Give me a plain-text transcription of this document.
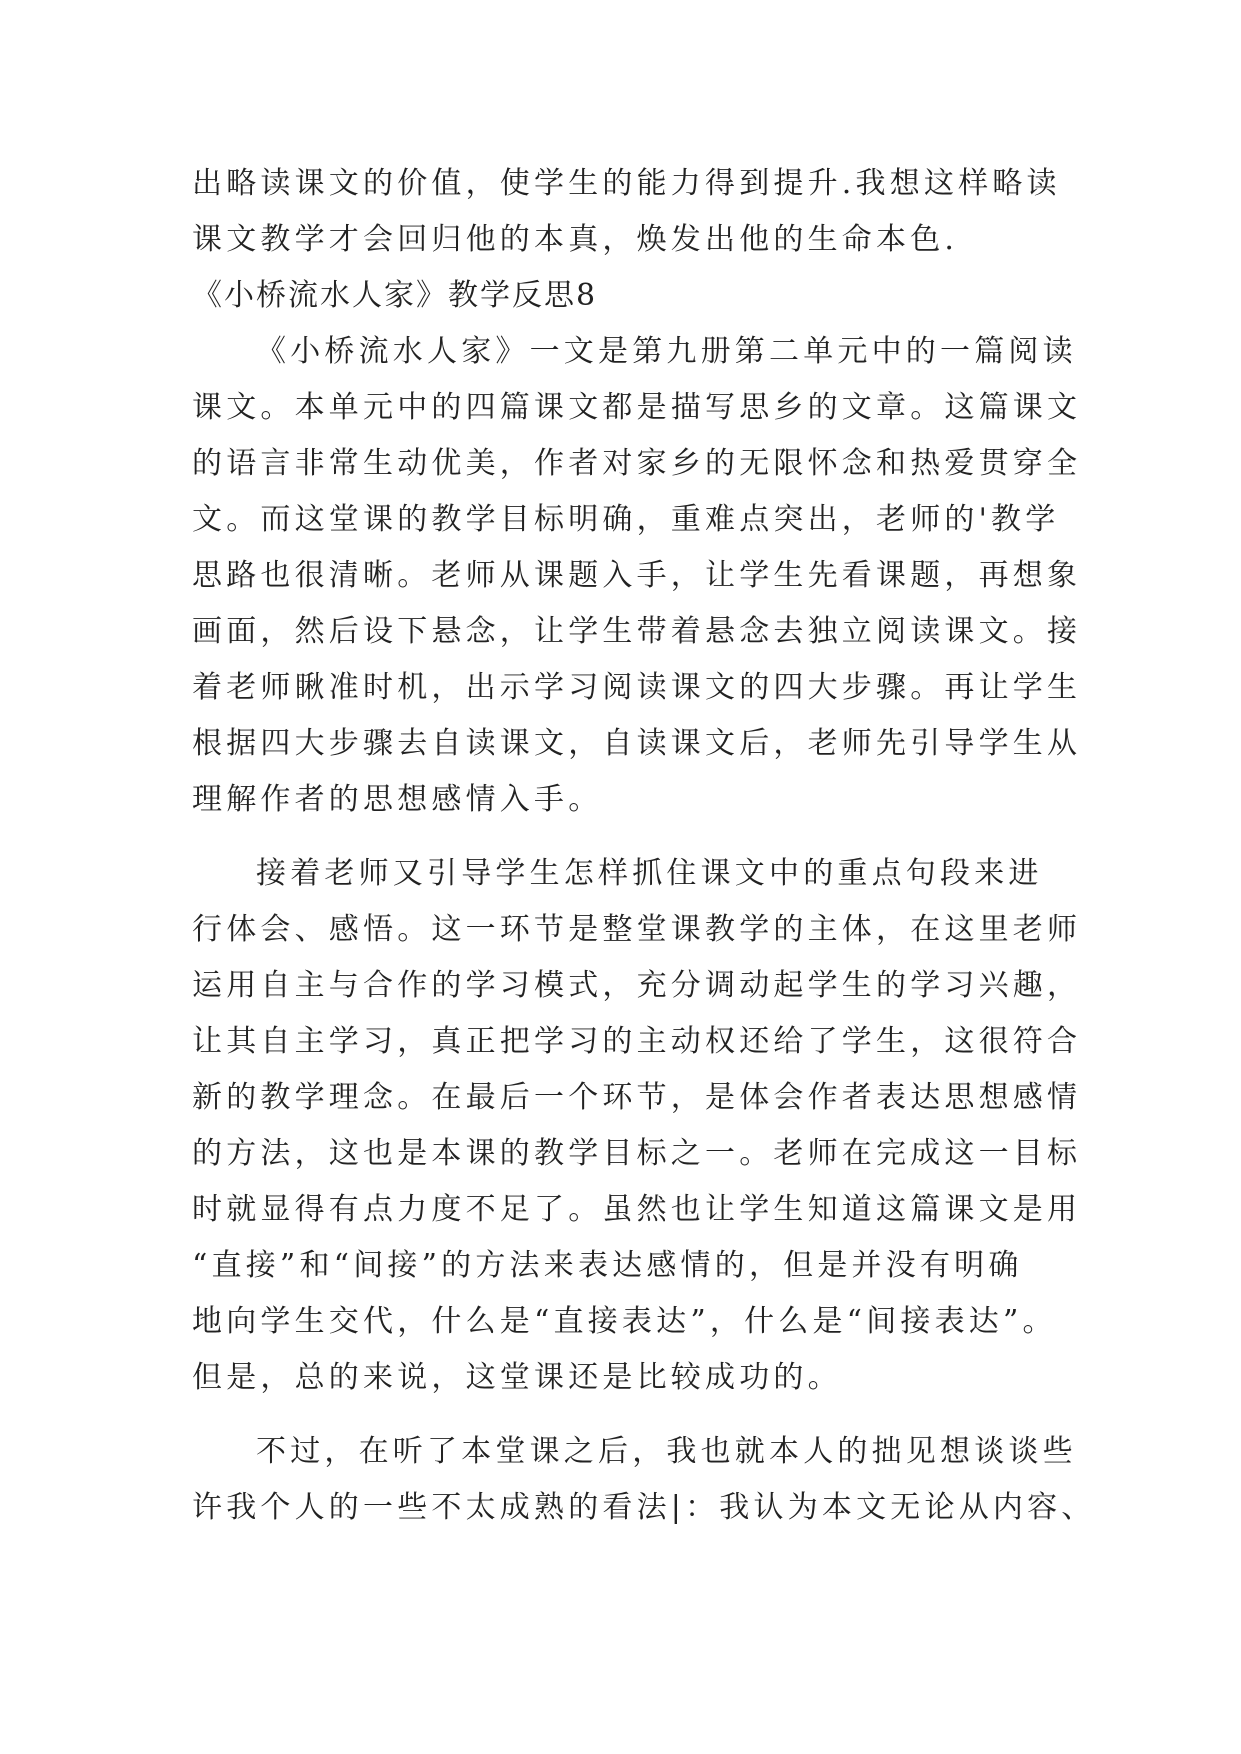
出略读课文的价值，使学生的能力得到提升.我想这样略读
课文教学才会回归他的本真，焕发出他的生命本色.
《小桥流水人家》教学反思8
《小桥流水人家》一文是第九册第二单元中的一篇阅读
课文。本单元中的四篇课文都是描写思乡的文章。这篇课文
的语言非常生动优美，作者对家乡的无限怀念和热爱贯穿全
文。而这堂课的教学目标明确，重难点突出，老师的'教学
思路也很清晰。老师从课题入手，让学生先看课题，再想象
画面，然后设下悬念，让学生带着悬念去独立阅读课文。接
着老师瞅准时机，出示学习阅读课文的四大步骤。再让学生
根据四大步骤去自读课文，自读课文后，老师先引导学生从
理解作者的思想感情入手。
接着老师又引导学生怎样抓住课文中的重点句段来进
行体会、感悟。这一环节是整堂课教学的主体，在这里老师
运用自主与合作的学习模式，充分调动起学生的学习兴趣，
让其自主学习，真正把学习的主动权还给了学生，这很符合
新的教学理念。在最后一个环节，是体会作者表达思想感情
的方法，这也是本课的教学目标之一。老师在完成这一目标
时就显得有点力度不足了。虽然也让学生知道这篇课文是用
“直接”和“间接”的方法来表达感情的，但是并没有明确
地向学生交代，什么是“直接表达”，什么是“间接表达”。
但是，总的来说，这堂课还是比较成功的。
不过，在听了本堂课之后，我也就本人的拙见想谈谈些
许我个人的一些不太成熟的看法|：我认为本文无论从内容、
